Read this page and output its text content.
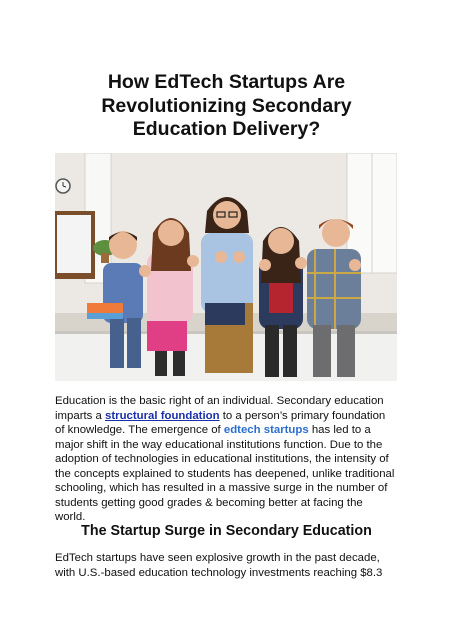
How EdTech Startups Are
Revolutionizing Secondary
Education Delivery?

Education is the basic right of an individual. Secondary education
imparts a structural foundation to a person’s primary foundation
of knowledge. The emergence of edtech startups has led to a
major shift in the way educational institutions function. Due to the
adoption of technologies in educational institutions, the intensity of
the concepts explained to students has deepened, unlike traditional
schooling, which has resulted in a massive surge in the number of
students getting good grades & becoming better at facing the
world.

The Startup Surge in Secondary Education

EdTech startups have seen explosive growth in the past decade,
with U.S.-based education technology investments reaching $8.3
